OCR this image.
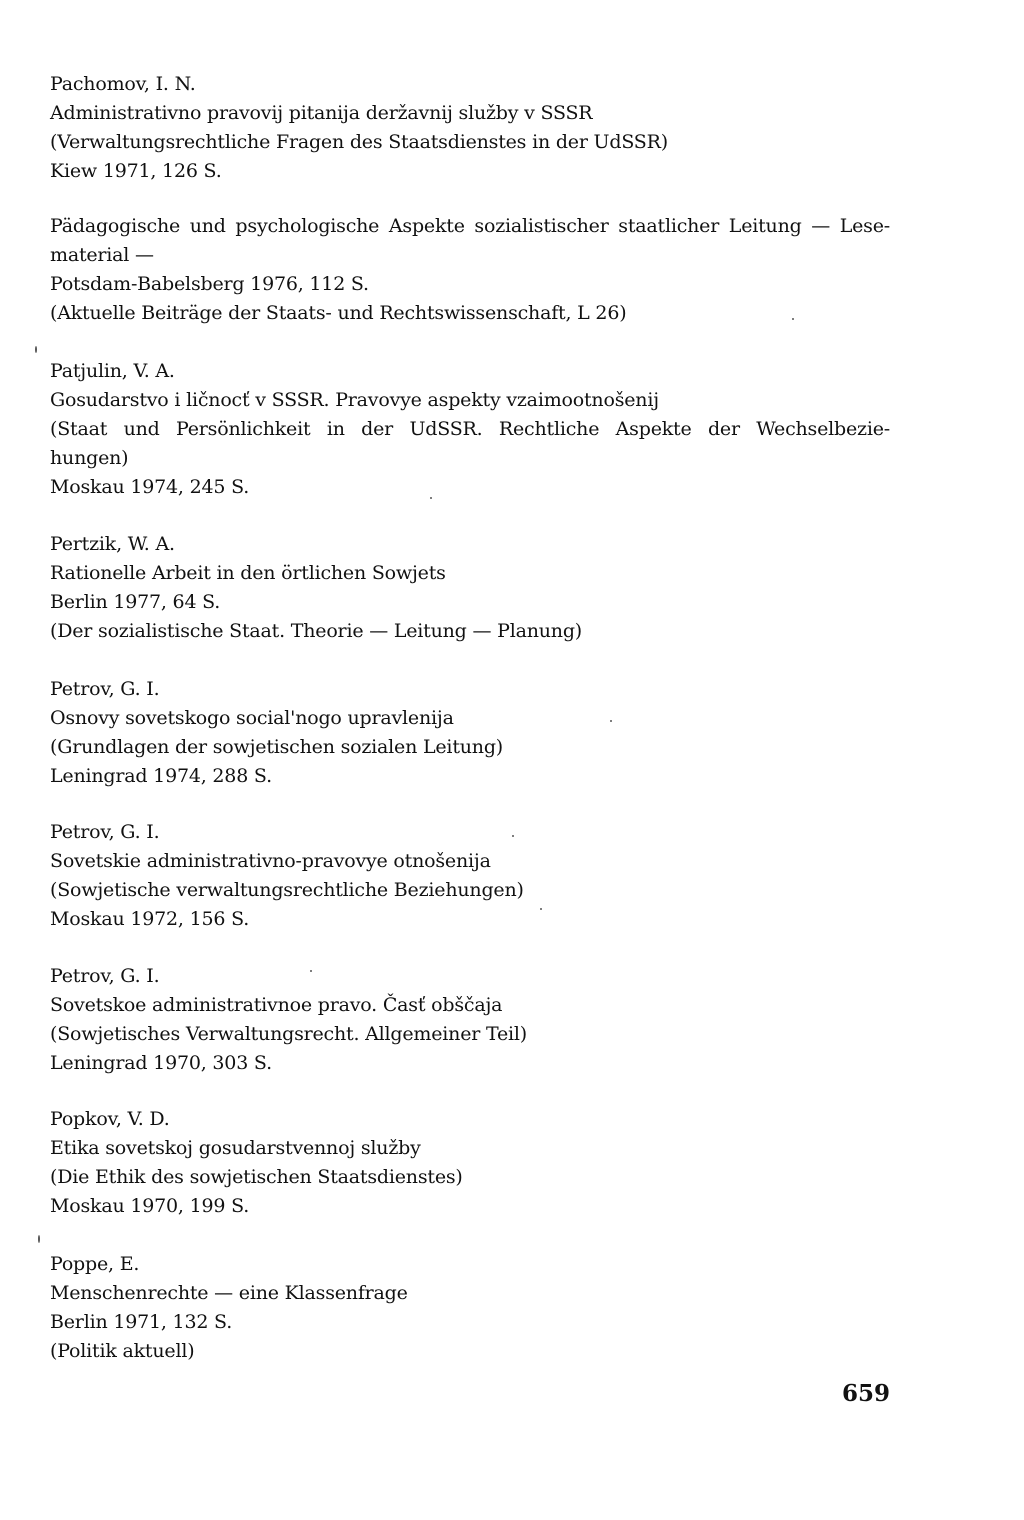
Pachomov, I. N.
Administrativno pravovij pitanija deržavnij služby v SSSR
(Verwaltungsrechtliche Fragen des Staatsdienstes in der UdSSR)
Kiew 1971, 126 S.
Pädagogische und psychologische Aspekte sozialistischer staatlicher Leitung — Lese-
material —
Potsdam-Babelsberg 1976, 112 S.
(Aktuelle Beiträge der Staats- und Rechtswissenschaft, L 26)
Patjulin, V. A.
Gosudarstvo i ličnocť v SSSR. Pravovye aspekty vzaimootnošenij
(Staat und Persönlichkeit in der UdSSR. Rechtliche Aspekte der Wechselbezie-
hungen)
Moskau 1974, 245 S.
Pertzik, W. A.
Rationelle Arbeit in den örtlichen Sowjets
Berlin 1977, 64 S.
(Der sozialistische Staat. Theorie — Leitung — Planung)
Petrov, G. I.
Osnovy sovetskogo social'nogo upravlenija
(Grundlagen der sowjetischen sozialen Leitung)
Leningrad 1974, 288 S.
Petrov, G. I.
Sovetskie administrativno-pravovye otnošenija
(Sowjetische verwaltungsrechtliche Beziehungen)
Moskau 1972, 156 S.
Petrov, G. I.
Sovetskoe administrativnoe pravo. Časť obščaja
(Sowjetisches Verwaltungsrecht. Allgemeiner Teil)
Leningrad 1970, 303 S.
Popkov, V. D.
Etika sovetskoj gosudarstvennoj služby
(Die Ethik des sowjetischen Staatsdienstes)
Moskau 1970, 199 S.
Poppe, E.
Menschenrechte — eine Klassenfrage
Berlin 1971, 132 S.
(Politik aktuell)
659
